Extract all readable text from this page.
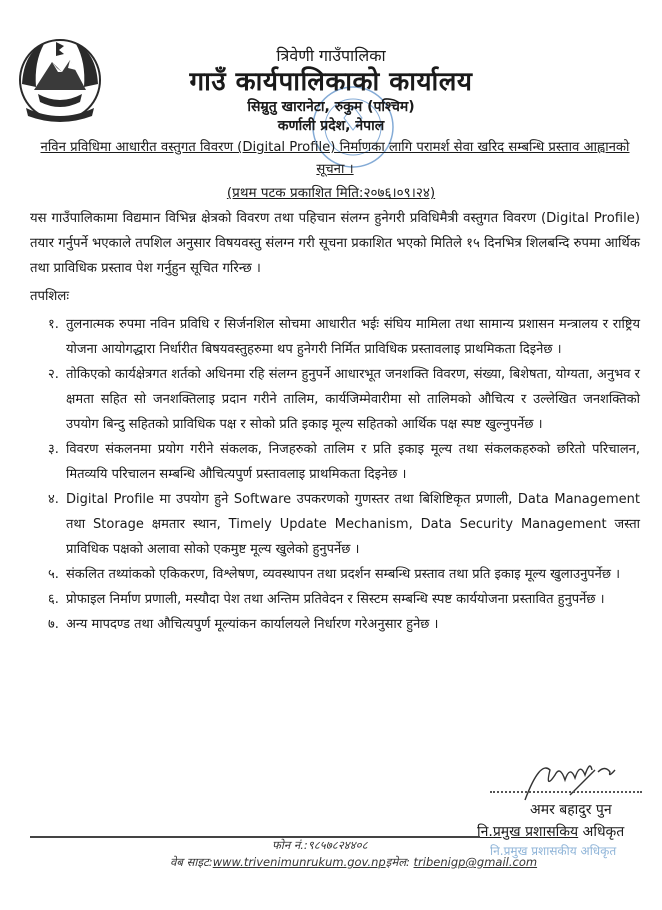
त्रिवेणी गाउँपालिका
गाउँ कार्यपालिकाको कार्यालय
सिम्रुतु खारानेटा, रुकुम (पश्चिम)
कर्णाली प्रदेश, नेपाल
नविन प्रविधिमा आधारीत वस्तुगत विवरण (Digital Profile) निर्माणका लागि परामर्श सेवा खरिद सम्बन्धि प्रस्ताव आह्वानको सूचना ।
(प्रथम पटक प्रकाशित मिति:२०७६।०९।२४)
यस गाउँपालिकामा विद्यमान विभिन्न क्षेत्रको विवरण तथा पहिचान संलग्न हुनेगरी प्रविधिमैत्री वस्तुगत विवरण (Digital Profile) तयार गर्नुपर्ने भएकाले तपशिल अनुसार विषयवस्तु संलग्न गरी सूचना प्रकाशित भएको मितिले १५ दिनभित्र शिलबन्दि रुपमा आर्थिक तथा प्राविधिक प्रस्ताव पेश गर्नुहुन सूचित गरिन्छ ।
तपशिलः
१. तुलनात्मक रुपमा नविन प्रविधि र सिर्जनशिल सोचमा आधारीत भईः संघिय मामिला तथा सामान्य प्रशासन मन्त्रालय र राष्ट्रिय योजना आयोगद्धारा निर्धारीत बिषयवस्तुहरुमा थप हुनेगरी निर्मित प्राविधिक प्रस्तावलाइ प्राथमिकता दिइनेछ ।
२. तोकिएको कार्यक्षेत्रगत शर्तको अधिनमा रहि संलग्न हुनुपर्ने आधारभूत जनशक्ति विवरण, संख्या, बिशेषता, योग्यता, अनुभव र क्षमता सहित सो जनशक्तिलाइ प्रदान गरीने तालिम, कार्यजिम्मेवारीमा सो तालिमको औचित्य र उल्लेखित जनशक्तिको उपयोग बिन्दु सहितको प्राविधिक पक्ष र सोको प्रति इकाइ मूल्य सहितको आर्थिक पक्ष स्पष्ट खुल्नुपर्नेछ ।
३. विवरण संकलनमा प्रयोग गरीने संकलक, निजहरुको तालिम र प्रति इकाइ मूल्य तथा संकलकहरुको छरितो परिचालन, मितव्ययि परिचालन सम्बन्धि औचित्यपुर्ण प्रस्तावलाइ प्राथमिकता दिइनेछ ।
४. Digital Profile मा उपयोग हुने Software उपकरणको गुणस्तर तथा बिशिष्टिकृत प्रणाली, Data Management तथा Storage क्षमतार स्थान, Timely Update Mechanism, Data Security Management जस्ता प्राविधिक पक्षको अलावा सोको एकमुष्ट मूल्य खुलेको हुनुपर्नेछ ।
५. संकलित तथ्यांकको एकिकरण, विश्लेषण, व्यवस्थापन तथा प्रदर्शन सम्बन्धि प्रस्ताव तथा प्रति इकाइ मूल्य खुलाउनुपर्नेछ ।
६. प्रोफाइल निर्माण प्रणाली, मस्यौदा पेश तथा अन्तिम प्रतिवेदन र सिस्टम सम्बन्धि स्पष्ट कार्ययोजना प्रस्तावित हुनुपर्नेछ ।
७. अन्य मापदण्ड तथा औचित्यपुर्ण मूल्यांकन कार्यालयले निर्धारण गरेअनुसार हुनेछ ।
अमर बहादुर पुन
नि.प्रमुख प्रशासकिय अधिकृत
नि.प्रमुख प्रशासकीय अधिकृत
फोन नं.:९८५७८२४४०८
वेब साइट:www.trivenimunrukum.gov.npइमेल: tribenigp@gmail.com
